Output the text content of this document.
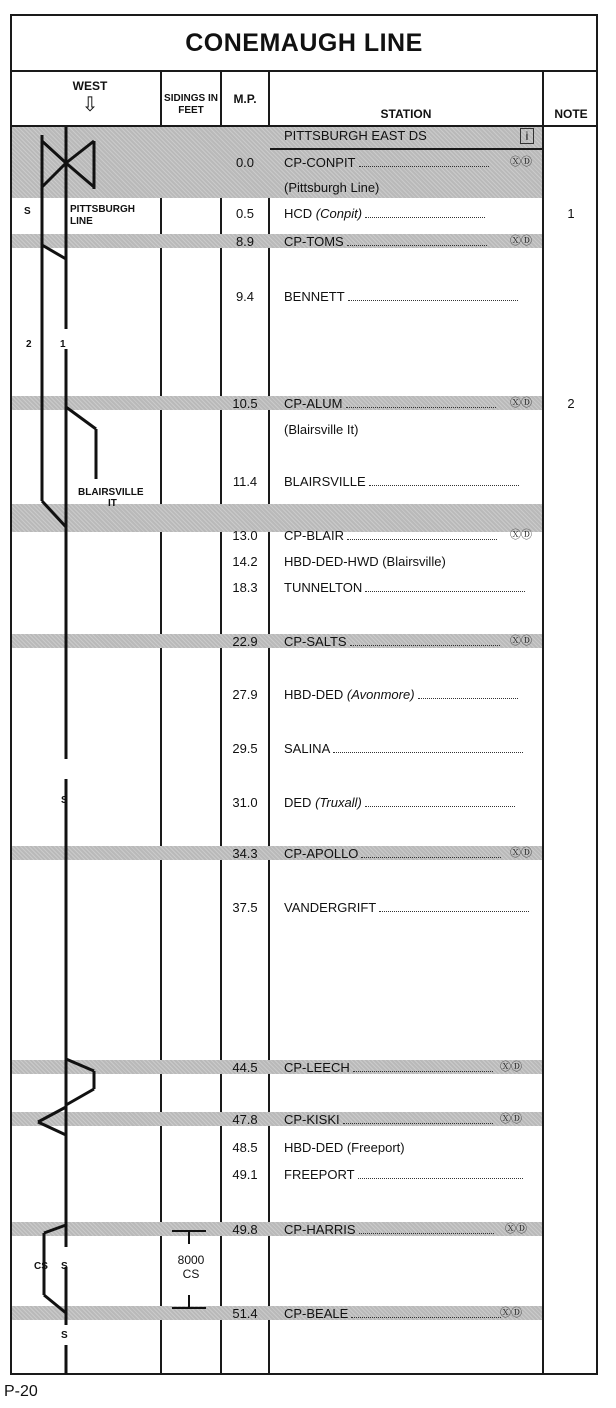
CONEMAUGH LINE
WEST
⇩	SIDINGS IN FEET
M.P.
STATION	NOTE
S	PITTSBURGH
LINE
2	1
BLAIRSVILLE
IT
S
CS S
S
8000
CS
PITTSBURGH EAST DS	i
0.0	CP-CONPIT	ⓍⒹ
(Pittsburgh Line)
0.5	HCD (Conpit)	1
8.9	CP-TOMS	ⓍⒹ
9.4	BENNETT
10.5	CP-ALUM	ⓍⒹ	2
(Blairsville It)
11.4	BLAIRSVILLE
13.0	CP-BLAIR	ⓍⒹ
14.2	HBD-DED-HWD (Blairsville)
18.3	TUNNELTON
22.9	CP-SALTS	ⓍⒹ
27.9	HBD-DED (Avonmore)
29.5	SALINA
31.0	DED (Truxall)
34.3	CP-APOLLO	ⓍⒹ
37.5	VANDERGRIFT
44.5	CP-LEECH	ⓍⒹ
47.8	CP-KISKI	ⓍⒹ
48.5	HBD-DED (Freeport)
49.1	FREEPORT
49.8	CP-HARRIS	ⓍⒹ
51.4	CP-BEALE	ⓍⒹ
P-20
